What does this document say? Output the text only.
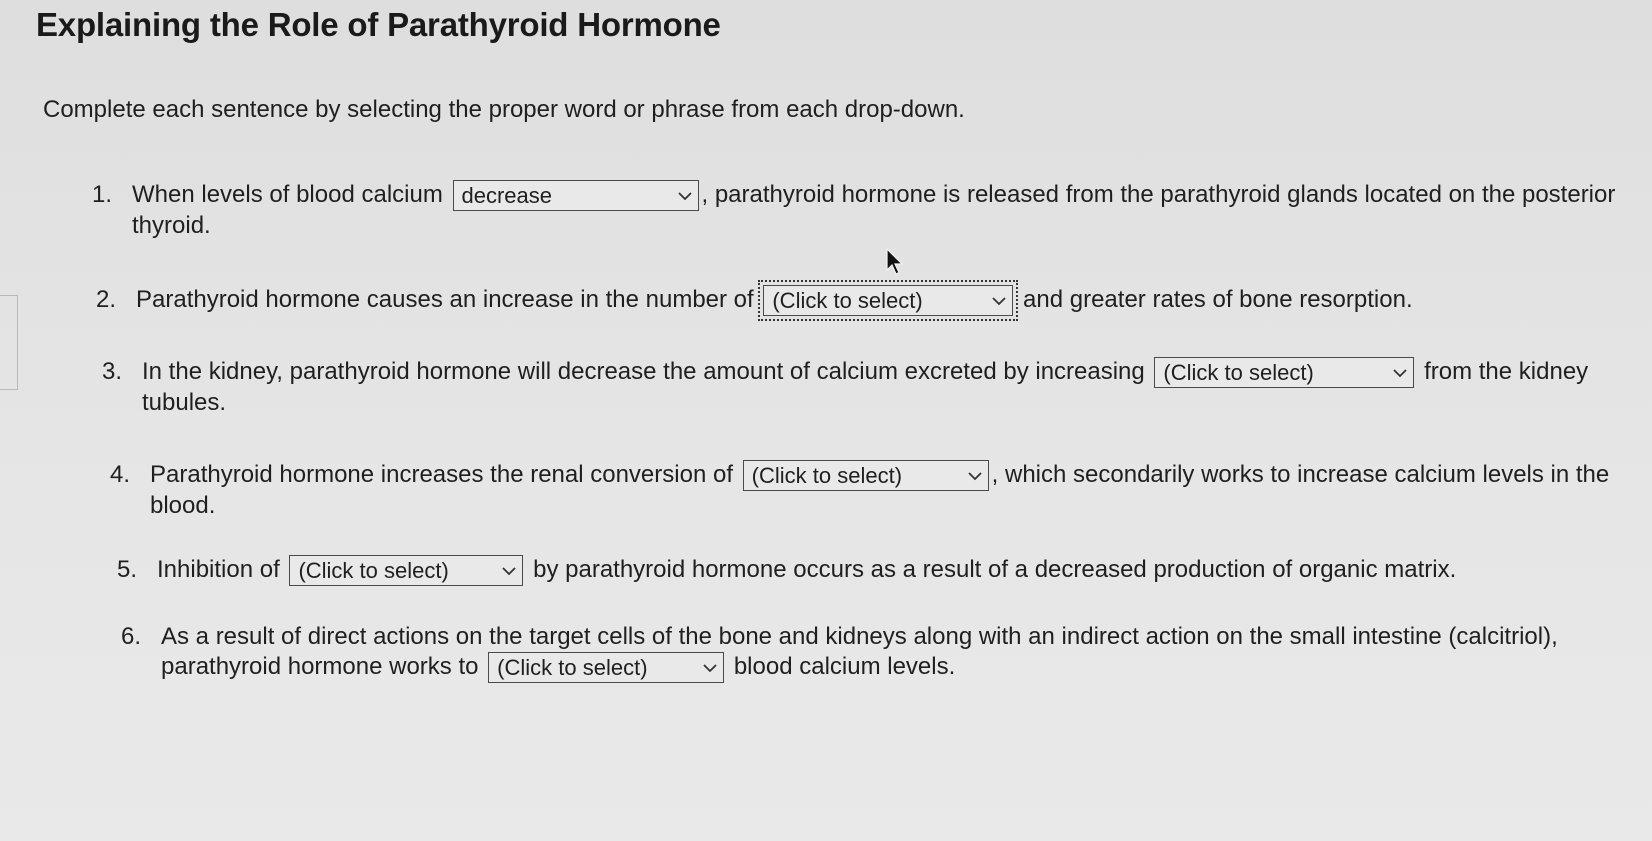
Explaining the Role of Parathyroid Hormone

Complete each sentence by selecting the proper word or phrase from each drop-down.

1. When levels of blood calcium decrease	, parathyroid hormone is released from the parathyroid glands located on the posterior thyroid.
2. Parathyroid hormone causes an increase in the number of (Click to select)	and greater rates of bone resorption.
3. In the kidney, parathyroid hormone will decrease the amount of calcium excreted by increasing (Click to select)	from the kidney tubules.
4. Parathyroid hormone increases the renal conversion of (Click to select)	, which secondarily works to increase calcium levels in the blood.
5. Inhibition of (Click to select)	by parathyroid hormone occurs as a result of a decreased production of organic matrix.
6. As a result of direct actions on the target cells of the bone and kidneys along with an indirect action on the small intestine (calcitriol), parathyroid hormone works to (Click to select)	blood calcium levels.
